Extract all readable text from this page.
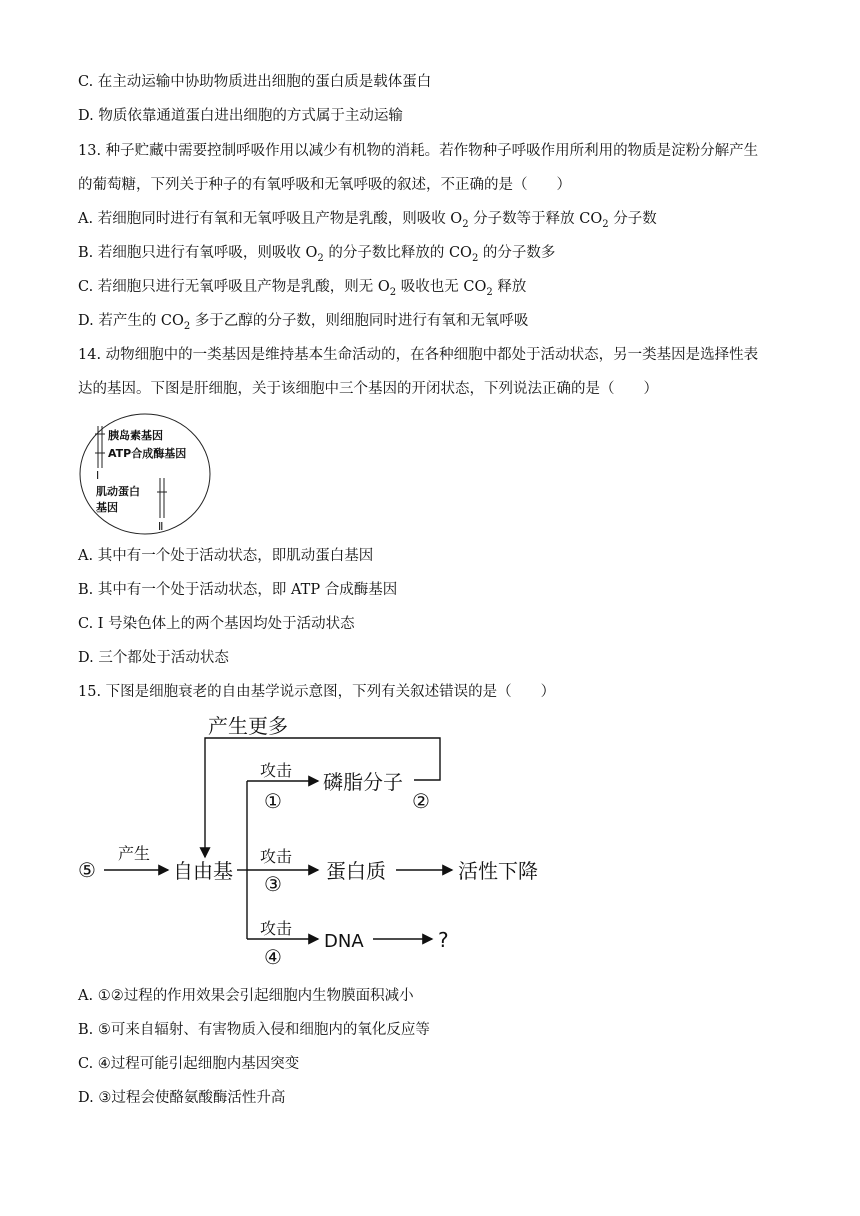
C. 在主动运输中协助物质进出细胞的蛋白质是载体蛋白
D. 物质依靠通道蛋白进出细胞的方式属于主动运输
13. 种子贮藏中需要控制呼吸作用以减少有机物的消耗。若作物种子呼吸作用所利用的物质是淀粉分解产生
的葡萄糖，下列关于种子的有氧呼吸和无氧呼吸的叙述，不正确的是（　　）
A. 若细胞同时进行有氧和无氧呼吸且产物是乳酸，则吸收 $O_2$ 分子数等于释放 $CO_2$ 分子数
B. 若细胞只进行有氧呼吸，则吸收 $O_2$ 的分子数比释放的 $CO_2$ 的分子数多
C. 若细胞只进行无氧呼吸且产物是乳酸，则无 $O_2$ 吸收也无 $CO_2$ 释放
D. 若产生的 $CO_2$ 多于乙醇的分子数，则细胞同时进行有氧和无氧呼吸
14. 动物细胞中的一类基因是维持基本生命活动的，在各种细胞中都处于活动状态，另一类基因是选择性表
达的基因。下图是肝细胞，关于该细胞中三个基因的开闭状态，下列说法正确的是（　　）
胰岛素基因
ATP合成酶基因
Ⅰ
肌动蛋白
基因
Ⅱ
A. 其中有一个处于活动状态，即肌动蛋白基因
B. 其中有一个处于活动状态，即 ATP 合成酶基因
C. Ⅰ 号染色体上的两个基因均处于活动状态
D. 三个都处于活动状态
15. 下图是细胞衰老的自由基学说示意图，下列有关叙述错误的是（　　）
产生更多
⑤
产生
自由基
攻击
①
磷脂分子
②
攻击
③
蛋白质	活性下降
攻击
④
DNA	?
A. ①②过程的作用效果会引起细胞内生物膜面积减小
B. ⑤可来自辐射、有害物质入侵和细胞内的氧化反应等
C. ④过程可能引起细胞内基因突变
D. ③过程会使酪氨酸酶活性升高
